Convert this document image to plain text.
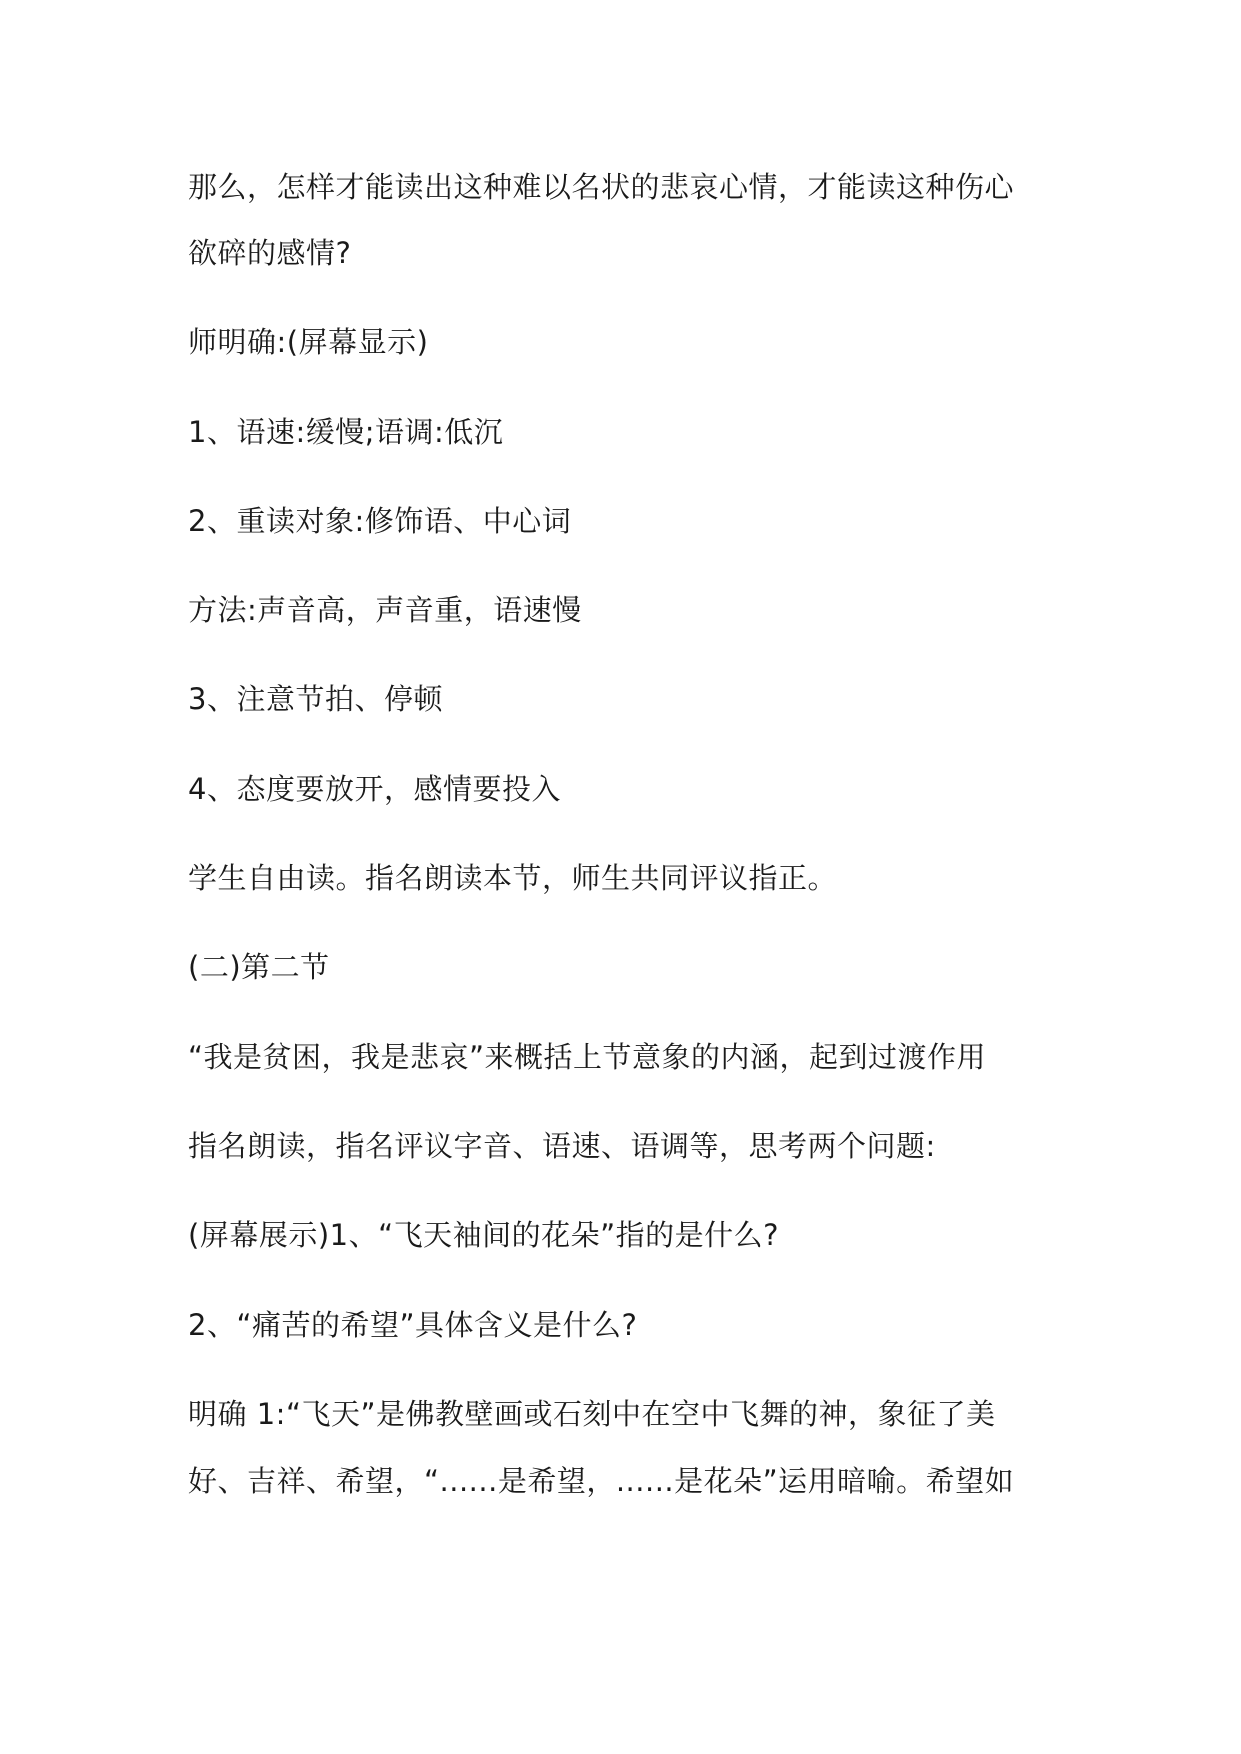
那么，怎样才能读出这种难以名状的悲哀心情，才能读这种伤心
欲碎的感情?
师明确:(屏幕显示)
1、语速:缓慢;语调:低沉
2、重读对象:修饰语、中心词
方法:声音高，声音重，语速慢
3、注意节拍、停顿
4、态度要放开，感情要投入
学生自由读。指名朗读本节，师生共同评议指正。
(二)第二节
“我是贫困，我是悲哀”来概括上节意象的内涵，起到过渡作用
指名朗读，指名评议字音、语速、语调等，思考两个问题:
(屏幕展示)1、“飞天袖间的花朵”指的是什么?
2、“痛苦的希望”具体含义是什么?
明确 1:“飞天”是佛教壁画或石刻中在空中飞舞的神，象征了美
好、吉祥、希望，“......是希望，......是花朵”运用暗喻。希望如
